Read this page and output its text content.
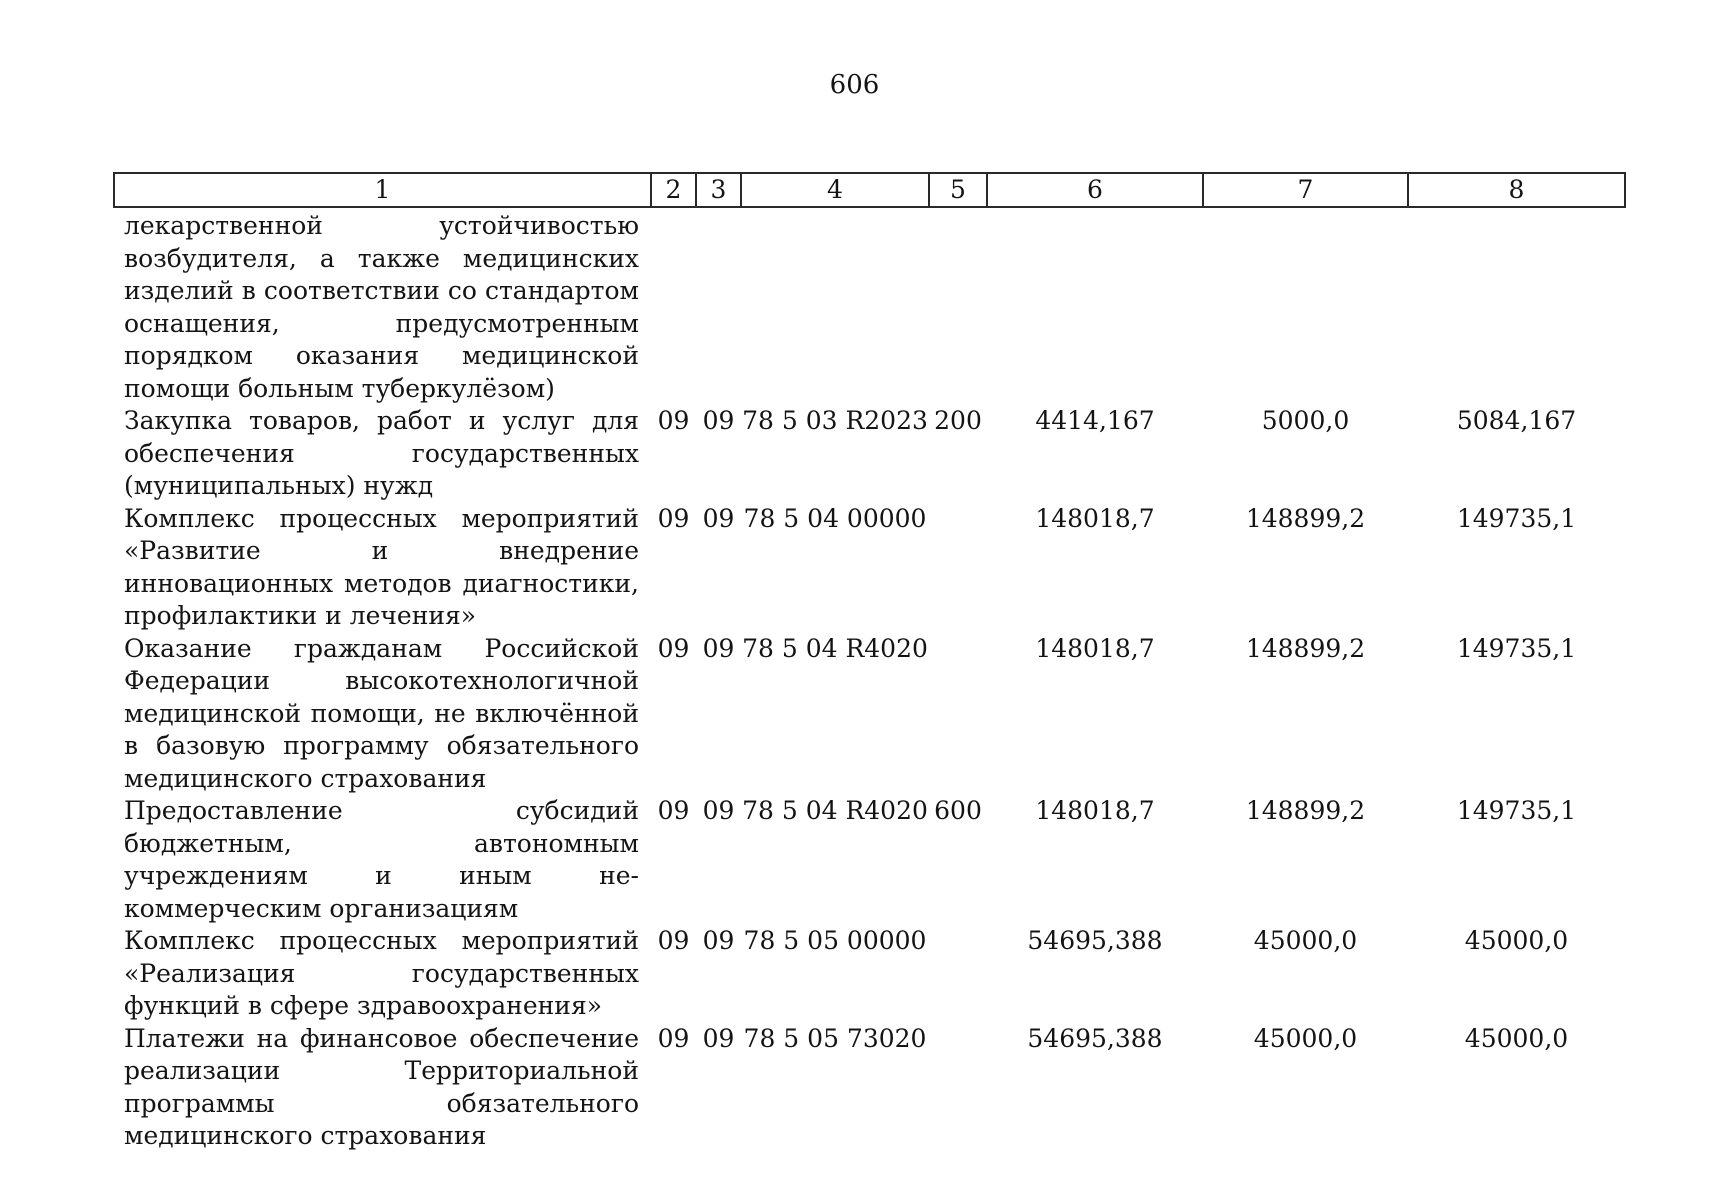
606
1	2	3	4	5	6	7	8
лекарственной устойчивостью возбудителя, а также медицинских изделий в соответствии со стандартом оснащения, предусмотренным порядком оказания медицинской помощи больным туберкулёзом)							
Закупка товаров, работ и услуг для обеспечения государственных (муниципальных) нужд	09	09	78 5 03 R2023	200	4414,167	5000,0	5084,167
Комплекс процессных мероприятий «Развитие и внедрение инновационных методов диагностики, профилактики и лечения»	09	09	78 5 04 00000		148018,7	148899,2	149735,1
Оказание гражданам Российской Федерации высокотехнологичной медицинской помощи, не включённой в базовую программу обязательного медицинского страхования	09	09	78 5 04 R4020		148018,7	148899,2	149735,1
Предоставление субсидий бюджетным, автономным учреждениям и иным некоммерческим организациям	09	09	78 5 04 R4020	600	148018,7	148899,2	149735,1
Комплекс процессных мероприятий «Реализация государственных функций в сфере здравоохранения»	09	09	78 5 05 00000		54695,388	45000,0	45000,0
Платежи на финансовое обеспечение реализации Территориальной программы обязательного медицинского страхования	09	09	78 5 05 73020		54695,388	45000,0	45000,0
